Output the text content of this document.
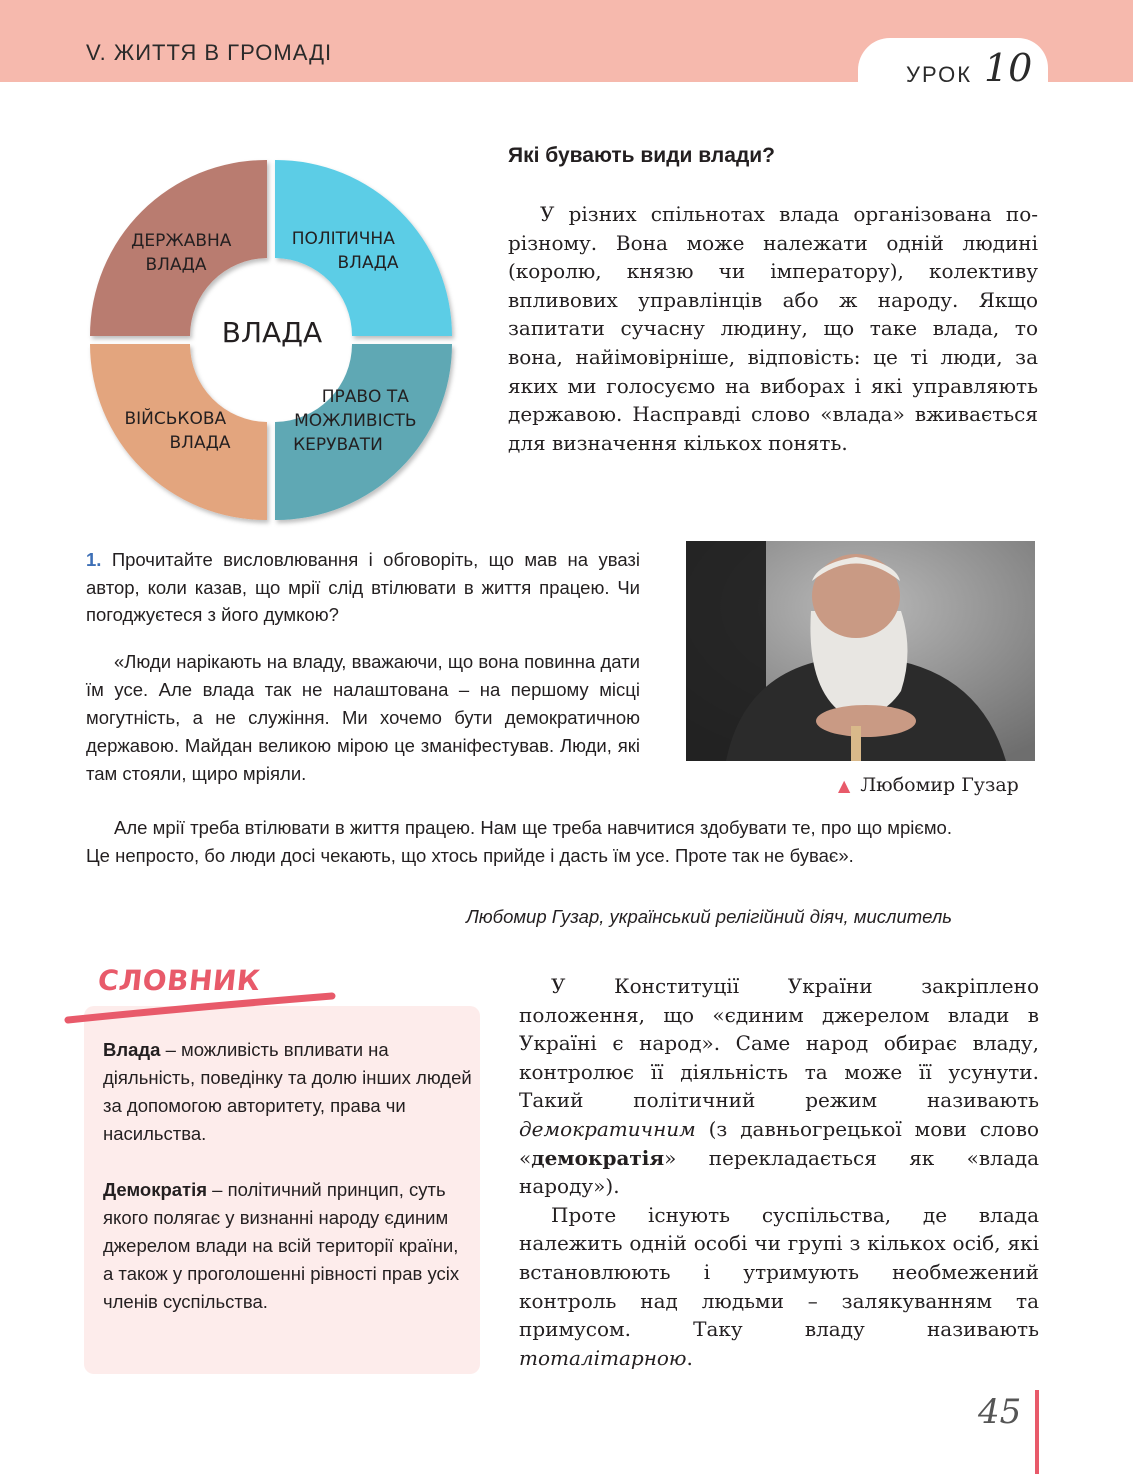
V. ЖИТТЯ В ГРОМАДІ
УРОК 10
ВЛАДА
ДЕРЖАВНА ВЛАДА
ПОЛІТИЧНА ВЛАДА
ПРАВО ТА МОЖЛИВІСТЬ КЕРУВАТИ
ВІЙСЬКОВА ВЛАДА
Які бувають види влади?

У різних спільнотах влада організована по-різному. Вона може належати одній людині (королю, князю чи імператору), колективу впливових управлінців або ж народу. Якщо запитати сучасну людину, що таке влада, то вона, найімовірніше, відповість: це ті люди, за яких ми голосуємо на виборах і які управляють державою. Насправді слово «влада» вживається для визначення кількох понять.

1. Прочитайте висловлювання і обговоріть, що мав на увазі автор, коли казав, що мрії слід втілювати в життя працею. Чи погоджуєтеся з його думкою?

«Люди нарікають на владу, вважаючи, що вона повинна дати їм усе. Але влада так не налаштована – на першому місці могутність, а не служіння. Ми хочемо бути демократичною державою. Майдан великою мірою це зманіфестував. Люди, які там стояли, щиро мріяли.

Але мрії треба втілювати в життя працею. Нам ще треба навчитися здобувати те, про що мріємо. Це непросто, бо люди досі чекають, що хтось прийде і дасть їм усе. Проте так не буває».

Любомир Гузар, український релігійний діяч, мислитель
▲ Любомир Гузар
СЛОВНИК
Влада – можливість впливати на діяльність, поведінку та долю інших людей за допомогою авторитету, права чи насильства.
Демократія – політичний принцип, суть якого полягає у визнанні народу єдиним джерелом влади на всій території країни, а також у проголошенні рівності прав усіх членів суспільства.

У Конституції України закріплено положення, що «єдиним джерелом влади в Україні є народ». Саме народ обирає владу, контролює її діяльність та може її усунути. Такий політичний режим називають демократичним (з давньогрецької мови слово «демократія» перекладається як «влада народу»).

Проте існують суспільства, де влада належить одній особі чи групі з кількох осіб, які встановлюють і утримують необмежений контроль над людьми – залякуванням та примусом. Таку владу називають тоталітарною.

45
